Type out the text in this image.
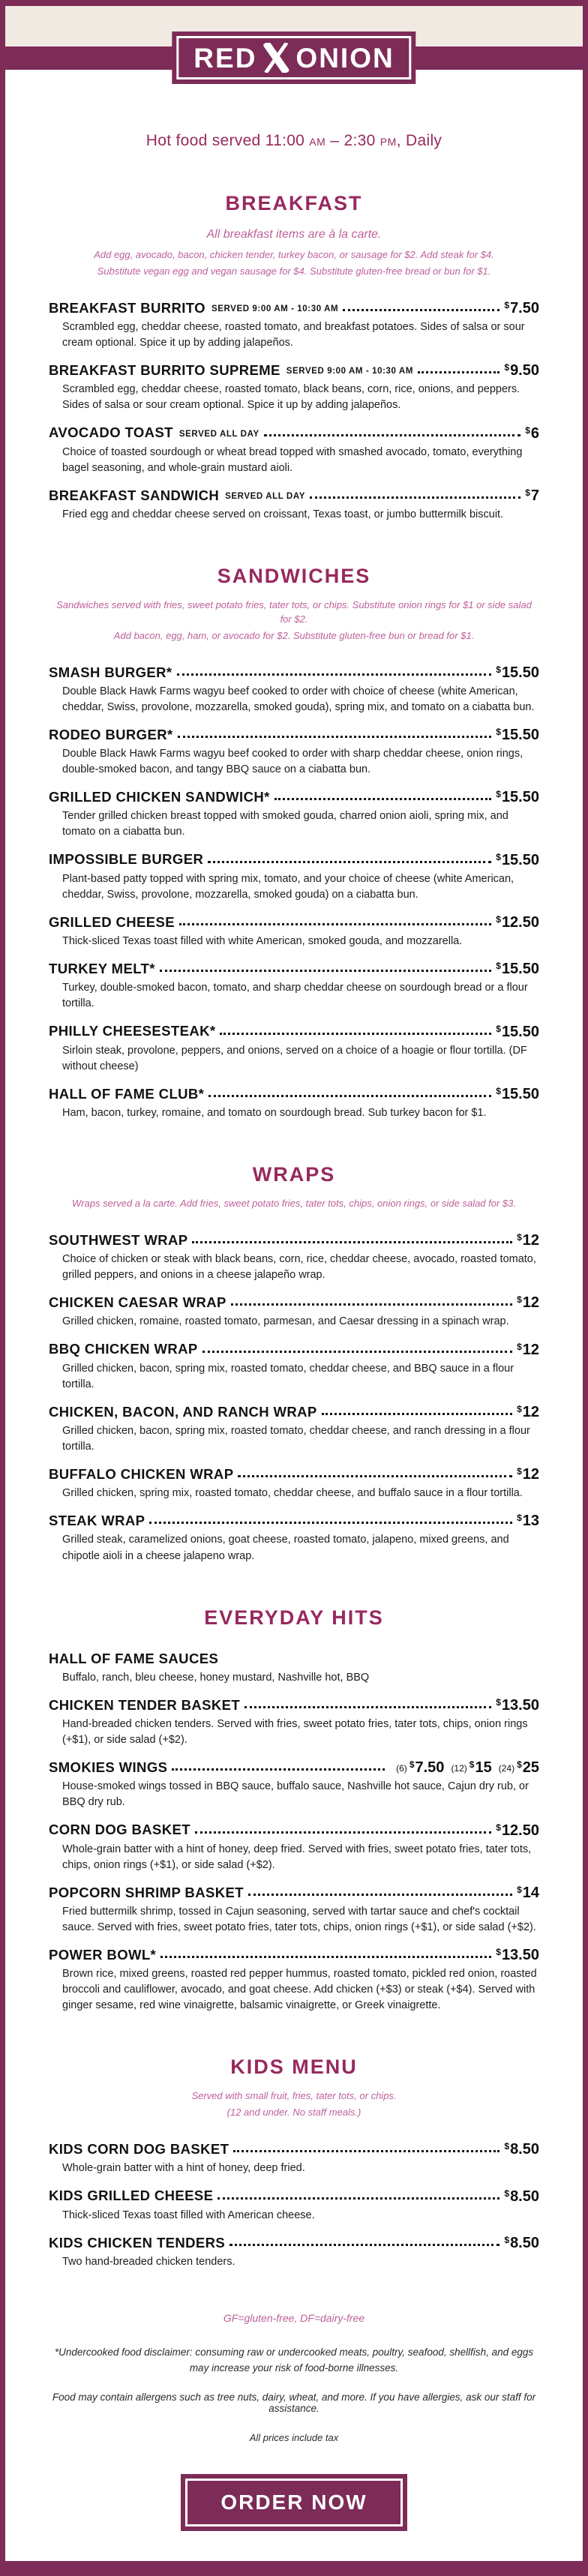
RED ONION

Hot food served 11:00 AM – 2:30 PM, Daily

BREAKFAST

All breakfast items are à la carte.

Add egg, avocado, bacon, chicken tender, turkey bacon, or sausage for $2. Add steak for $4.

Substitute vegan egg and vegan sausage for $4. Substitute gluten-free bread or bun for $1.

BREAKFAST BURRITO SERVED 9:00 AM - 10:30 AM	$7.50

Scrambled egg, cheddar cheese, roasted tomato, and breakfast potatoes. Sides of salsa or sour cream optional. Spice it up by adding jalapeños.

BREAKFAST BURRITO SUPREME SERVED 9:00 AM - 10:30 AM	$9.50

Scrambled egg, cheddar cheese, roasted tomato, black beans, corn, rice, onions, and peppers. Sides of salsa or sour cream optional. Spice it up by adding jalapeños.

AVOCADO TOAST SERVED ALL DAY	$6

Choice of toasted sourdough or wheat bread topped with smashed avocado, tomato, everything bagel seasoning, and whole-grain mustard aioli.

BREAKFAST SANDWICH SERVED ALL DAY	$7

Fried egg and cheddar cheese served on croissant, Texas toast, or jumbo buttermilk biscuit.

SANDWICHES

Sandwiches served with fries, sweet potato fries, tater tots, or chips. Substitute onion rings for $1 or side salad for $2.

Add bacon, egg, ham, or avocado for $2. Substitute gluten-free bun or bread for $1.

SMASH BURGER*	$15.50

Double Black Hawk Farms wagyu beef cooked to order with choice of cheese (white American, cheddar, Swiss, provolone, mozzarella, smoked gouda), spring mix, and tomato on a ciabatta bun.

RODEO BURGER*	$15.50

Double Black Hawk Farms wagyu beef cooked to order with sharp cheddar cheese, onion rings, double-smoked bacon, and tangy BBQ sauce on a ciabatta bun.

GRILLED CHICKEN SANDWICH*	$15.50

Tender grilled chicken breast topped with smoked gouda, charred onion aioli, spring mix, and tomato on a ciabatta bun.

IMPOSSIBLE BURGER	$15.50

Plant-based patty topped with spring mix, tomato, and your choice of cheese (white American, cheddar, Swiss, provolone, mozzarella, smoked gouda) on a ciabatta bun.

GRILLED CHEESE	$12.50

Thick-sliced Texas toast filled with white American, smoked gouda, and mozzarella.

TURKEY MELT*	$15.50

Turkey, double-smoked bacon, tomato, and sharp cheddar cheese on sourdough bread or a flour tortilla.

PHILLY CHEESESTEAK*	$15.50

Sirloin steak, provolone, peppers, and onions, served on a choice of a hoagie or flour tortilla. (DF without cheese)

HALL OF FAME CLUB*	$15.50

Ham, bacon, turkey, romaine, and tomato on sourdough bread. Sub turkey bacon for $1.

WRAPS

Wraps served a la carte. Add fries, sweet potato fries, tater tots, chips, onion rings, or side salad for $3.

SOUTHWEST WRAP	$12

Choice of chicken or steak with black beans, corn, rice, cheddar cheese, avocado, roasted tomato, grilled peppers, and onions in a cheese jalapeño wrap.

CHICKEN CAESAR WRAP	$12

Grilled chicken, romaine, roasted tomato, parmesan, and Caesar dressing in a spinach wrap.

BBQ CHICKEN WRAP	$12

Grilled chicken, bacon, spring mix, roasted tomato, cheddar cheese, and BBQ sauce in a flour tortilla.

CHICKEN, BACON, AND RANCH WRAP	$12

Grilled chicken, bacon, spring mix, roasted tomato, cheddar cheese, and ranch dressing in a flour tortilla.

BUFFALO CHICKEN WRAP	$12

Grilled chicken, spring mix, roasted tomato, cheddar cheese, and buffalo sauce in a flour tortilla.

STEAK WRAP	$13

Grilled steak, caramelized onions, goat cheese, roasted tomato, jalapeno, mixed greens, and chipotle aioli in a cheese jalapeno wrap.

EVERYDAY HITS
HALL OF FAME SAUCES

Buffalo, ranch, bleu cheese, honey mustard, Nashville hot, BBQ

CHICKEN TENDER BASKET	$13.50

Hand-breaded chicken tenders. Served with fries, sweet potato fries, tater tots, chips, onion rings (+$1), or side salad (+$2).

SMOKIES WINGS	(6) $7.50 (12) $15 (24) $25

House-smoked wings tossed in BBQ sauce, buffalo sauce, Nashville hot sauce, Cajun dry rub, or BBQ dry rub.

CORN DOG BASKET	$12.50

Whole-grain batter with a hint of honey, deep fried. Served with fries, sweet potato fries, tater tots, chips, onion rings (+$1), or side salad (+$2).

POPCORN SHRIMP BASKET	$14

Fried buttermilk shrimp, tossed in Cajun seasoning, served with tartar sauce and chef's cocktail sauce. Served with fries, sweet potato fries, tater tots, chips, onion rings (+$1), or side salad (+$2).

POWER BOWL*	$13.50

Brown rice, mixed greens, roasted red pepper hummus, roasted tomato, pickled red onion, roasted broccoli and cauliflower, avocado, and goat cheese. Add chicken (+$3) or steak (+$4). Served with ginger sesame, red wine vinaigrette, balsamic vinaigrette, or Greek vinaigrette.

KIDS MENU

Served with small fruit, fries, tater tots, or chips.

(12 and under. No staff meals.)

KIDS CORN DOG BASKET	$8.50

Whole-grain batter with a hint of honey, deep fried.

KIDS GRILLED CHEESE	$8.50

Thick-sliced Texas toast filled with American cheese.

KIDS CHICKEN TENDERS	$8.50

Two hand-breaded chicken tenders.

GF=gluten-free, DF=dairy-free

*Undercooked food disclaimer: consuming raw or undercooked meats, poultry, seafood, shellfish, and eggs
may increase your risk of food-borne illnesses.

Food may contain allergens such as tree nuts, dairy, wheat, and more. If you have allergies, ask our staff for assistance.

All prices include tax

ORDER NOW
